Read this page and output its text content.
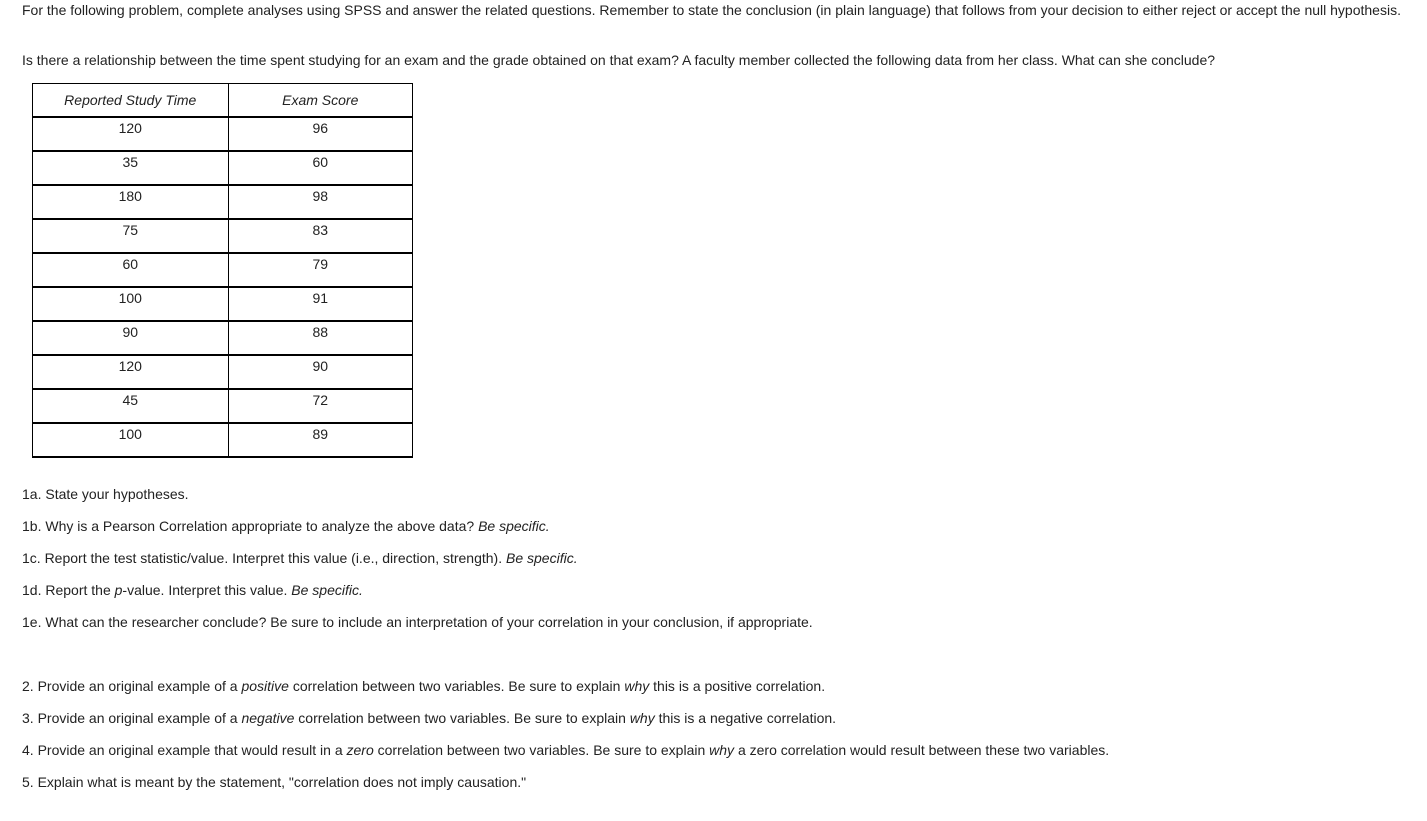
For the following problem, complete analyses using SPSS and answer the related questions. Remember to state the conclusion (in plain language) that follows from your decision to either reject or accept the null hypothesis.

Is there a relationship between the time spent studying for an exam and the grade obtained on that exam? A faculty member collected the following data from her class. What can she conclude?

Reported Study Time	Exam Score
120	96
35	60
180	98
75	83
60	79
100	91
90	88
120	90
45	72
100	89

1a. State your hypotheses.

1b. Why is a Pearson Correlation appropriate to analyze the above data? Be specific.

1c. Report the test statistic/value. Interpret this value (i.e., direction, strength). Be specific.

1d. Report the p-value. Interpret this value. Be specific.

1e. What can the researcher conclude? Be sure to include an interpretation of your correlation in your conclusion, if appropriate.

2. Provide an original example of a positive correlation between two variables. Be sure to explain why this is a positive correlation.

3. Provide an original example of a negative correlation between two variables. Be sure to explain why this is a negative correlation.

4. Provide an original example that would result in a zero correlation between two variables. Be sure to explain why a zero correlation would result between these two variables.

5. Explain what is meant by the statement, "correlation does not imply causation."
